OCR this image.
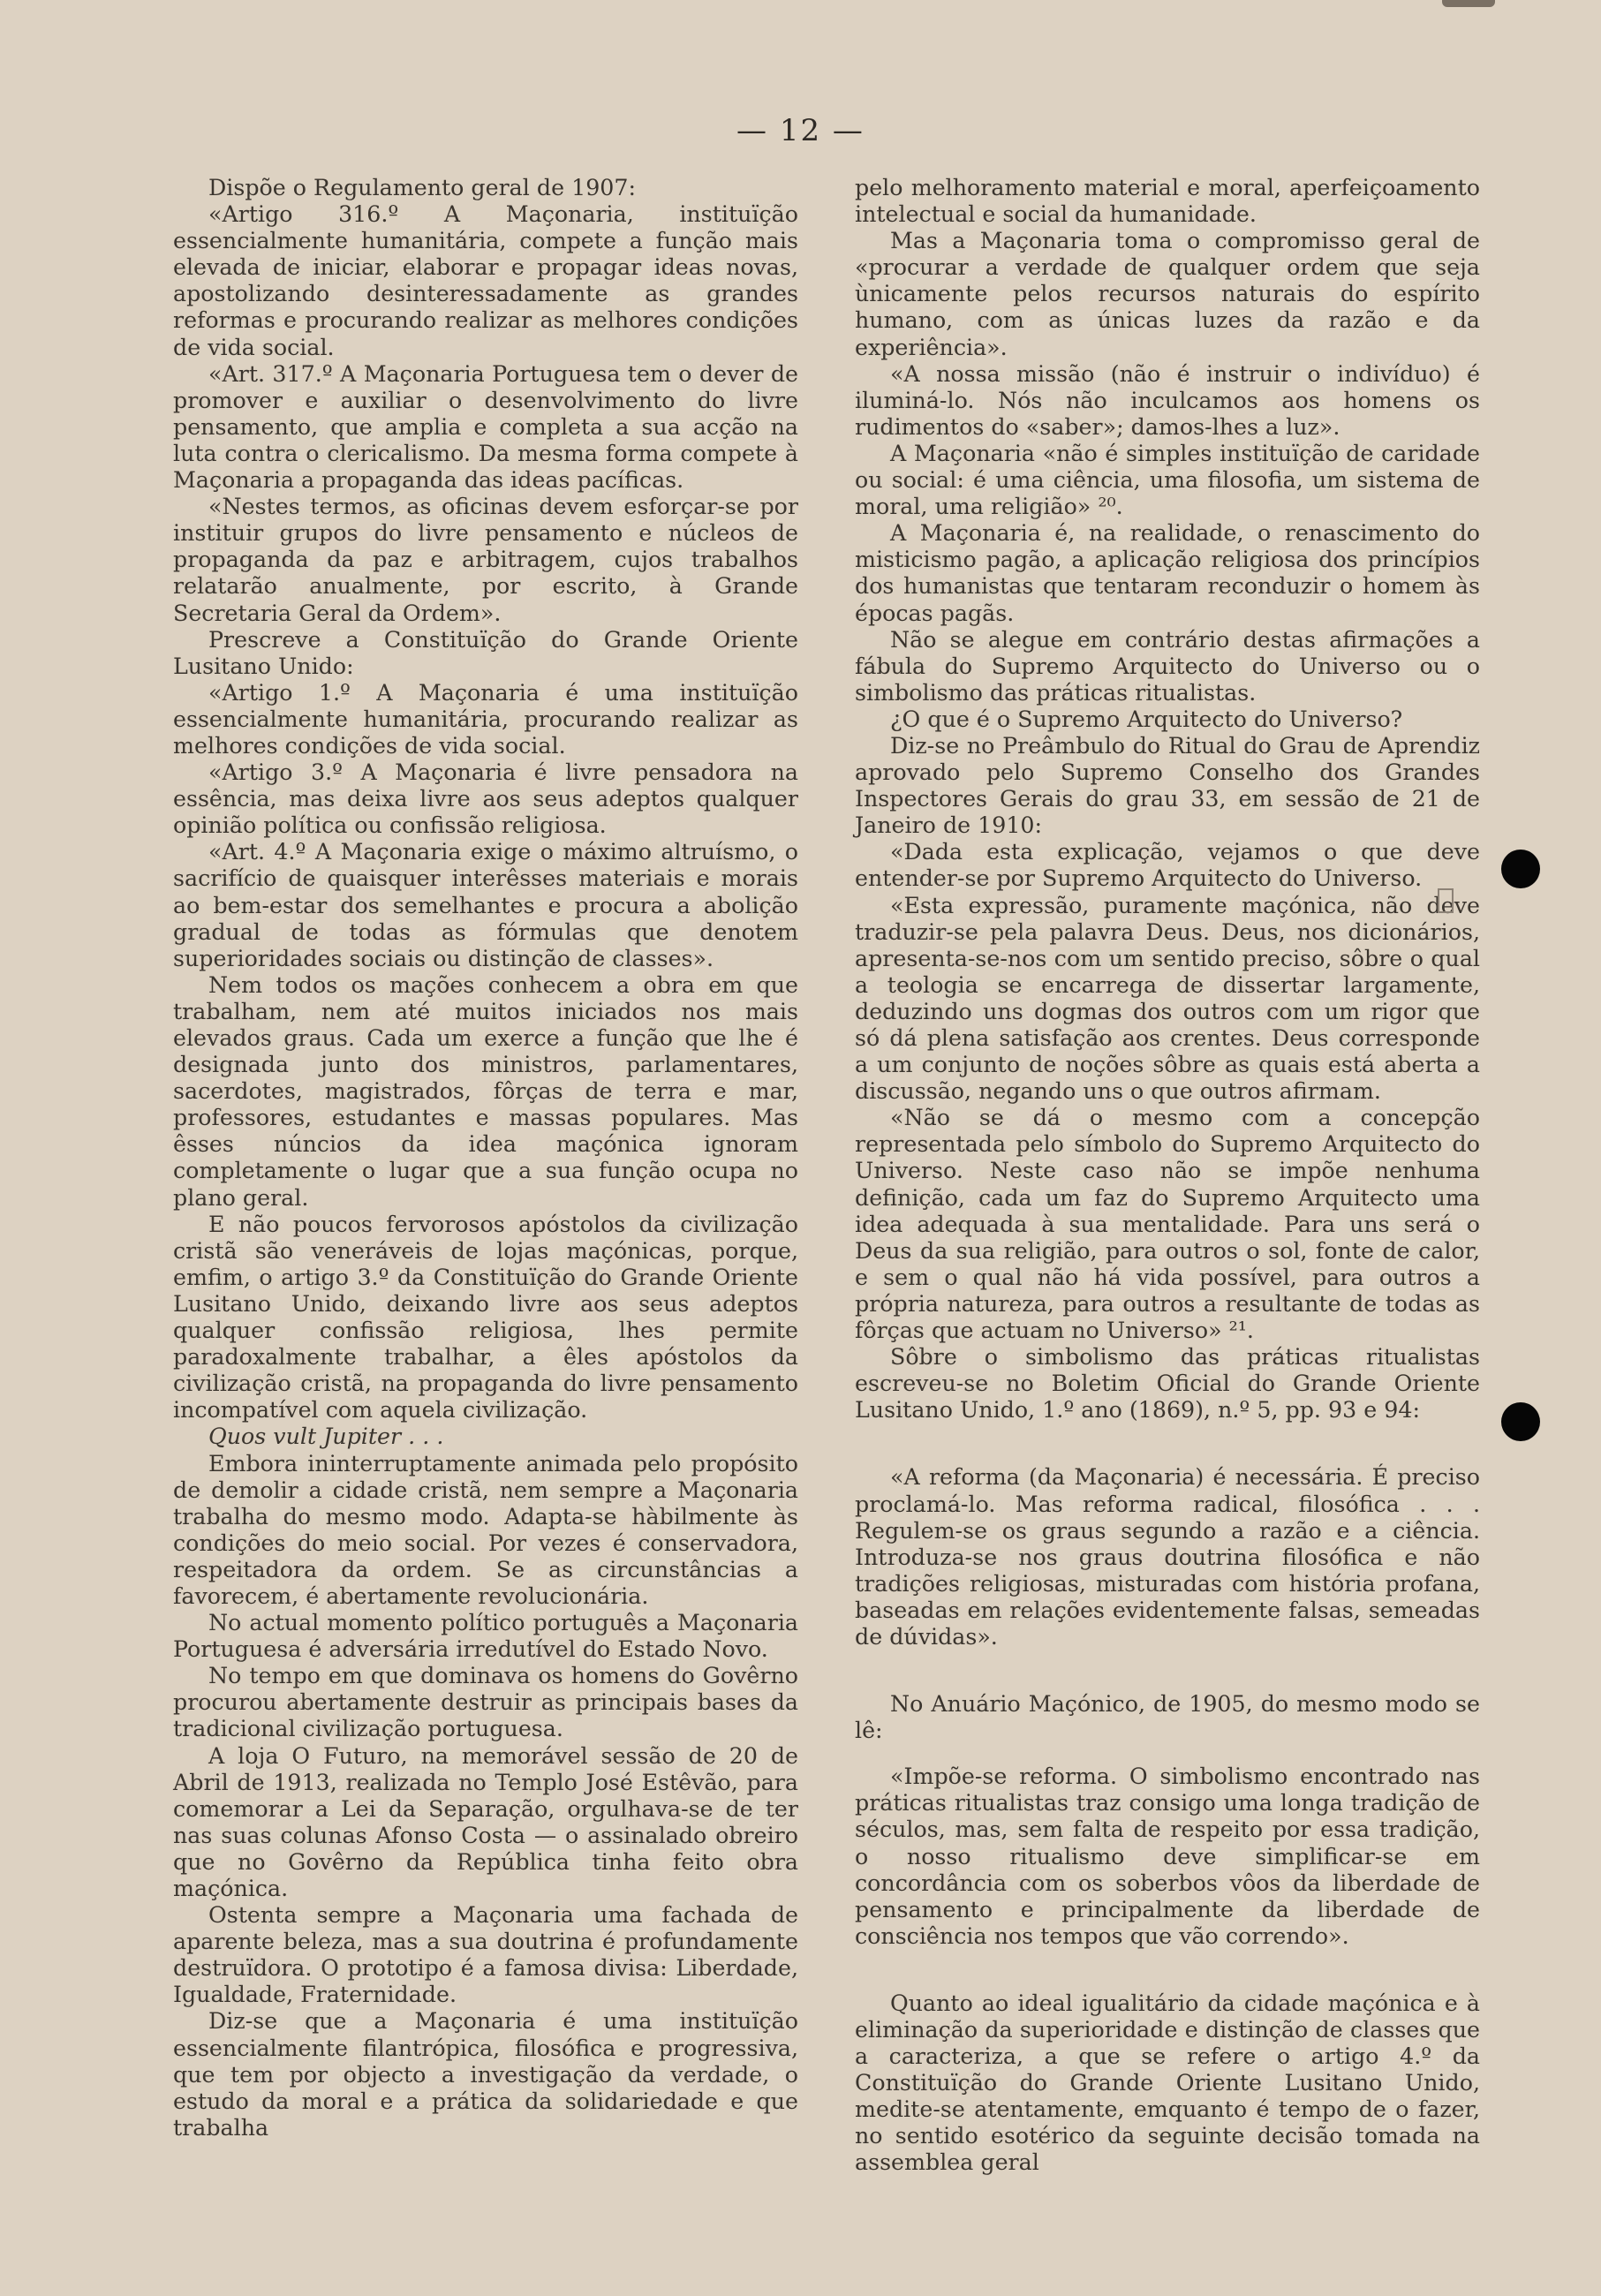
— 12 —

Dispõe o Regulamento geral de 1907:

«Artigo 316.º A Maçonaria, instituïção essencialmente humanitária, compete a função mais elevada de iniciar, elaborar e propagar ideas novas, apostolizando desinteressadamente as grandes reformas e procurando realizar as melhores condições de vida social.

«Art. 317.º A Maçonaria Portuguesa tem o dever de promover e auxiliar o desenvolvimento do livre pensamento, que amplia e completa a sua acção na luta contra o clericalismo. Da mesma forma compete à Maçonaria a propaganda das ideas pacíficas.

«Nestes termos, as oficinas devem esforçar-se por instituir grupos do livre pensamento e núcleos de propaganda da paz e arbitragem, cujos trabalhos relatarão anualmente, por escrito, à Grande Secretaria Geral da Ordem».

Prescreve a Constituïção do Grande Oriente Lusitano Unido:

«Artigo 1.º A Maçonaria é uma instituïção essencialmente humanitária, procurando realizar as melhores condições de vida social.

«Artigo 3.º A Maçonaria é livre pensadora na essência, mas deixa livre aos seus adeptos qualquer opinião política ou confissão religiosa.

«Art. 4.º A Maçonaria exige o máximo altruísmo, o sacrifício de quaisquer interêsses materiais e morais ao bem-estar dos semelhantes e procura a abolição gradual de todas as fórmulas que denotem superioridades sociais ou distinção de classes».

Nem todos os mações conhecem a obra em que trabalham, nem até muitos iniciados nos mais elevados graus. Cada um exerce a função que lhe é designada junto dos ministros, parlamentares, sacerdotes, magistrados, fôrças de terra e mar, professores, estudantes e massas populares. Mas êsses núncios da idea maçónica ignoram completamente o lugar que a sua função ocupa no plano geral.

E não poucos fervorosos apóstolos da civilização cristã são veneráveis de lojas maçónicas, porque, emfim, o artigo 3.º da Constituïção do Grande Oriente Lusitano Unido, deixando livre aos seus adeptos qualquer confissão religiosa, lhes permite paradoxalmente trabalhar, a êles apóstolos da civilização cristã, na propaganda do livre pensamento incompatível com aquela civilização.

Quos vult Jupiter . . .

Embora ininterruptamente animada pelo propósito de demolir a cidade cristã, nem sempre a Maçonaria trabalha do mesmo modo. Adapta-se hàbilmente às condições do meio social. Por vezes é conservadora, respeitadora da ordem. Se as circunstâncias a favorecem, é abertamente revolucionária.

No actual momento político português a Maçonaria Portuguesa é adversária irredutível do Estado Novo.

No tempo em que dominava os homens do Govêrno procurou abertamente destruir as principais bases da tradicional civilização portuguesa.

A loja O Futuro, na memorável sessão de 20 de Abril de 1913, realizada no Templo José Estêvão, para comemorar a Lei da Separação, orgulhava-se de ter nas suas colunas Afonso Costa — o assinalado obreiro que no Govêrno da República tinha feito obra maçónica.

Ostenta sempre a Maçonaria uma fachada de aparente beleza, mas a sua doutrina é profundamente destruïdora. O prototipo é a famosa divisa: Liberdade, Igualdade, Fraternidade.

Diz-se que a Maçonaria é uma instituïção essencialmente filantrópica, filosófica e progressiva, que tem por objecto a investigação da verdade, o estudo da moral e a prática da solidariedade e que trabalha

pelo melhoramento material e moral, aperfeiçoamento intelectual e social da humanidade.

Mas a Maçonaria toma o compromisso geral de «procurar a verdade de qualquer ordem que seja ùnicamente pelos recursos naturais do espírito humano, com as únicas luzes da razão e da experiência».

«A nossa missão (não é instruir o indivíduo) é iluminá-lo. Nós não inculcamos aos homens os rudimentos do «saber»; damos-lhes a luz».

A Maçonaria «não é simples instituïção de caridade ou social: é uma ciência, uma filosofia, um sistema de moral, uma religião» ²⁰.

A Maçonaria é, na realidade, o renascimento do misticismo pagão, a aplicação religiosa dos princípios dos humanistas que tentaram reconduzir o homem às épocas pagãs.

Não se alegue em contrário destas afirmações a fábula do Supremo Arquitecto do Universo ou o simbolismo das práticas ritualistas.

¿O que é o Supremo Arquitecto do Universo?

Diz-se no Preâmbulo do Ritual do Grau de Aprendiz aprovado pelo Supremo Conselho dos Grandes Inspectores Gerais do grau 33, em sessão de 21 de Janeiro de 1910:

«Dada esta explicação, vejamos o que deve entender-se por Supremo Arquitecto do Universo.

«Esta expressão, puramente maçónica, não deve traduzir-se pela palavra Deus. Deus, nos dicionários, apresenta-se-nos com um sentido preciso, sôbre o qual a teologia se encarrega de dissertar largamente, deduzindo uns dogmas dos outros com um rigor que só dá plena satisfação aos crentes. Deus corresponde a um conjunto de noções sôbre as quais está aberta a discussão, negando uns o que outros afirmam.

«Não se dá o mesmo com a concepção representada pelo símbolo do Supremo Arquitecto do Universo. Neste caso não se impõe nenhuma definição, cada um faz do Supremo Arquitecto uma idea adequada à sua mentalidade. Para uns será o Deus da sua religião, para outros o sol, fonte de calor, e sem o qual não há vida possível, para outros a própria natureza, para outros a resultante de todas as fôrças que actuam no Universo» ²¹.

Sôbre o simbolismo das práticas ritualistas escreveu-se no Boletim Oficial do Grande Oriente Lusitano Unido, 1.º ano (1869), n.º 5, pp. 93 e 94:

«A reforma (da Maçonaria) é necessária. É preciso proclamá-lo. Mas reforma radical, filosófica . . . Regulem-se os graus segundo a razão e a ciência. Introduza-se nos graus doutrina filosófica e não tradições religiosas, misturadas com história profana, baseadas em relações evidentemente falsas, semeadas de dúvidas».

No Anuário Maçónico, de 1905, do mesmo modo se lê:

«Impõe-se reforma. O simbolismo encontrado nas práticas ritualistas traz consigo uma longa tradição de séculos, mas, sem falta de respeito por essa tradição, o nosso ritualismo deve simplificar-se em concordância com os soberbos vôos da liberdade de pensamento e principalmente da liberdade de consciência nos tempos que vão correndo».

Quanto ao ideal igualitário da cidade maçónica e à eliminação da superioridade e distinção de classes que a caracteriza, a que se refere o artigo 4.º da Constituïção do Grande Oriente Lusitano Unido, medite-se atentamente, emquanto é tempo de o fazer, no sentido esotérico da seguinte decisão tomada na assemblea geral
